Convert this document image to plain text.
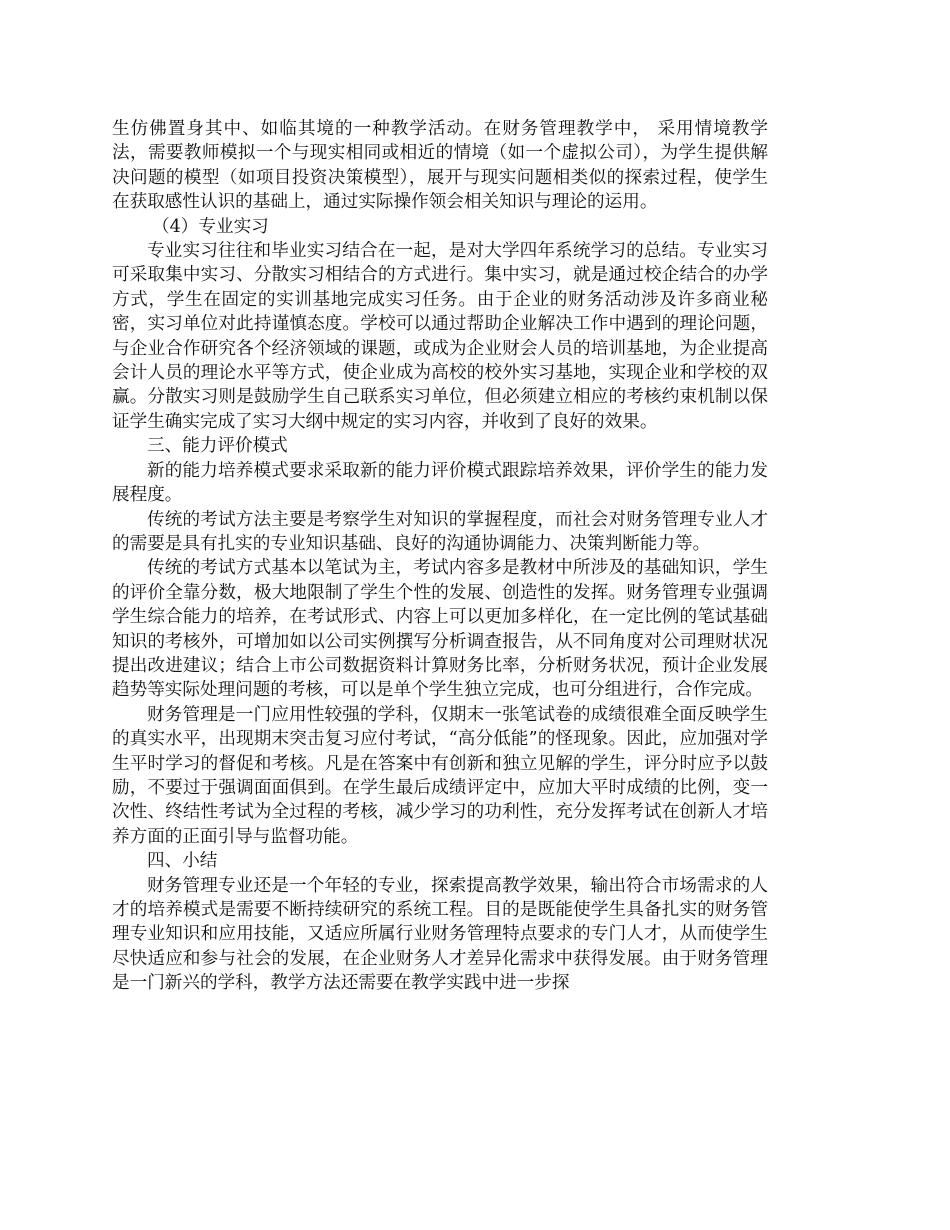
生仿佛置身其中、如临其境的一种教学活动。在财务管理教学中， 采用情境教学法，需要教师模拟一个与现实相同或相近的情境（如一个虚拟公司），为学生提供解决问题的模型（如项目投资决策模型），展开与现实问题相类似的探索过程，使学生在获取感性认识的基础上，通过实际操作领会相关知识与理论的运用。

（4）专业实习

专业实习往往和毕业实习结合在一起，是对大学四年系统学习的总结。专业实习可采取集中实习、分散实习相结合的方式进行。集中实习，就是通过校企结合的办学方式，学生在固定的实训基地完成实习任务。由于企业的财务活动涉及许多商业秘密，实习单位对此持谨慎态度。学校可以通过帮助企业解决工作中遇到的理论问题，与企业合作研究各个经济领域的课题，或成为企业财会人员的培训基地，为企业提高会计人员的理论水平等方式，使企业成为高校的校外实习基地，实现企业和学校的双赢。分散实习则是鼓励学生自己联系实习单位，但必须建立相应的考核约束机制以保证学生确实完成了实习大纲中规定的实习内容，并收到了良好的效果。

三、能力评价模式

新的能力培养模式要求采取新的能力评价模式跟踪培养效果，评价学生的能力发展程度。

传统的考试方法主要是考察学生对知识的掌握程度，而社会对财务管理专业人才的需要是具有扎实的专业知识基础、良好的沟通协调能力、决策判断能力等。

传统的考试方式基本以笔试为主，考试内容多是教材中所涉及的基础知识，学生的评价全靠分数，极大地限制了学生个性的发展、创造性的发挥。财务管理专业强调学生综合能力的培养，在考试形式、内容上可以更加多样化，在一定比例的笔试基础知识的考核外，可增加如以公司实例撰写分析调查报告，从不同角度对公司理财状况提出改进建议；结合上市公司数据资料计算财务比率，分析财务状况，预计企业发展趋势等实际处理问题的考核，可以是单个学生独立完成，也可分组进行，合作完成。

财务管理是一门应用性较强的学科，仅期末一张笔试卷的成绩很难全面反映学生的真实水平，出现期末突击复习应付考试，“高分低能”的怪现象。因此，应加强对学生平时学习的督促和考核。凡是在答案中有创新和独立见解的学生，评分时应予以鼓励，不要过于强调面面俱到。在学生最后成绩评定中，应加大平时成绩的比例，变一次性、终结性考试为全过程的考核，减少学习的功利性，充分发挥考试在创新人才培养方面的正面引导与监督功能。

四、小结

财务管理专业还是一个年轻的专业，探索提高教学效果，输出符合市场需求的人才的培养模式是需要不断持续研究的系统工程。目的是既能使学生具备扎实的财务管理专业知识和应用技能，又适应所属行业财务管理特点要求的专门人才，从而使学生尽快适应和参与社会的发展，在企业财务人才差异化需求中获得发展。由于财务管理是一门新兴的学科，教学方法还需要在教学实践中进一步探
